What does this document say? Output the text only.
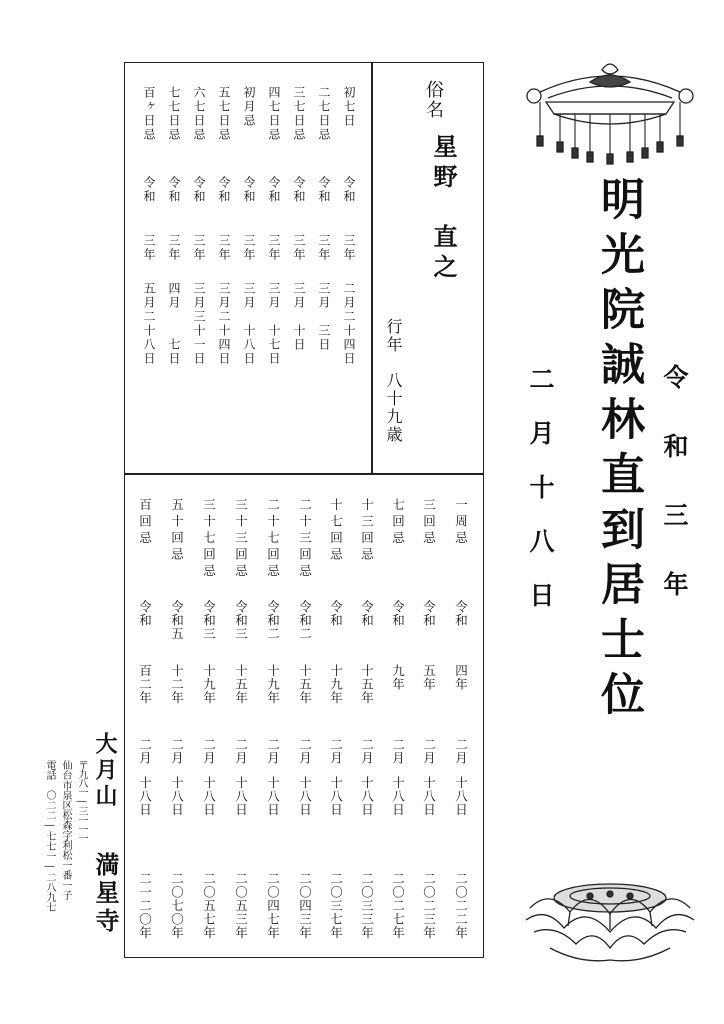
明光院誠林直到居士位 令和三年
二月十八日
俗名
星野　直之
行年　八十九歳
初七日
令和
三年
二月二十四日
二七日忌
令和
三年
三月　三日
三七日忌
令和
三年
三月　十日
四七日忌
令和
三年
三月　十七日
初月忌
令和
三年
三月　十八日
五七日忌
令和
三年
三月二十四日
六七日忌
令和
三年
三月三十一日
七七日忌
令和
三年
四月　　七日
百ヶ日忌
令和
三年
五月二十八日
一周忌
令和
四年
二月
十八日
二〇二二年
三回忌
令和
五年
二月
十八日
二〇二三年
七回忌
令和
九年
二月
十八日
二〇二七年
十三回忌
令和
十五年
二月
十八日
二〇三三年
十七回忌
令和
十九年
二月
十八日
二〇三七年
二十三回忌
令和二
十五年
二月
十八日
二〇四三年
二十七回忌
令和二
十九年
二月
十八日
二〇四七年
三十三回忌
令和三
十五年
二月
十八日
二〇五三年
三十七回忌
令和三
十九年
二月
十八日
二〇五七年
五十回忌
令和五
十二年
二月
十八日
二〇七〇年
百回忌
令和
百二年
二月
十八日
二一二〇年
大月山
満星寺
〒九八一―三一一一
仙台市泉区松森字利松一番一子
電話　〇二二―七七一―二八九七
